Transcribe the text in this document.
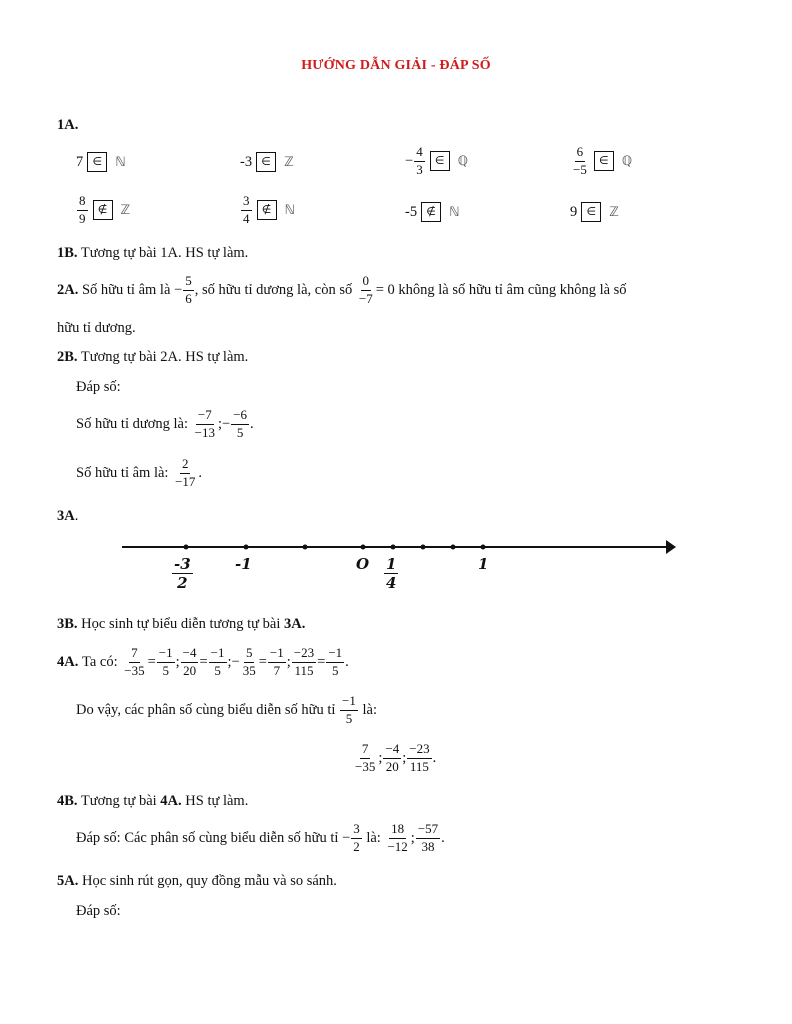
HƯỚNG DẪN GIẢI - ĐÁP SỐ
1A.
7 ∈	ℕ	-3 ∈	ℤ	− $\frac{4}{3}$ ∈	ℚ	$\frac{6}{-5}$ ∈	ℚ
$\frac{8}{9}$ ∉	ℤ	$\frac{3}{4}$ ∉	ℕ	-5 ∉	ℕ	9 ∈	ℤ
1B. Tương tự bài 1A. HS tự làm.
2A.
Số hữu tỉ âm là
− $\frac{5}{6}$ , số hữu tỉ dương là, còn số
$\frac{0}{-7} = 0$
không là số hữu tỉ âm cũng không là số
hữu tỉ dương.
2B. Tương tự bài 2A. HS tự làm.
Đáp số:
Số hữu tỉ dương là:
$\frac{-7}{-13}$ ; − $\frac{-6}{5}$ .
Số hữu tỉ âm là:
$\frac{2}{-17}$ .
3A.
$\frac{-3}{2}$	-1	O $\frac{1}{4}$	1
3B. Học sinh tự biểu diễn tương tự bài 3A.
4A.
Ta có:
$\frac{7}{-35} = \frac{-1}{5}$ ; $\frac{-4}{20} = \frac{-1}{5}$ ; − $\frac{5}{35} = \frac{-1}{7}$ ; $\frac{-23}{115} = \frac{-1}{5}$ .
Do vậy, các phân số cùng biểu diễn số hữu tỉ
$\frac{-1}{5}$
là:
$\frac{7}{-35}$ ; $\frac{-4}{20}$ ; $\frac{-23}{115}$ .
4B. Tương tự bài 4A. HS tự làm.
Đáp số: Các phân số cùng biểu diễn số hữu tỉ
− $\frac{3}{2}$
là:
$\frac{18}{-12}$ ; $\frac{-57}{38}$ .
5A. Học sinh rút gọn, quy đồng mẫu và so sánh.
Đáp số:
